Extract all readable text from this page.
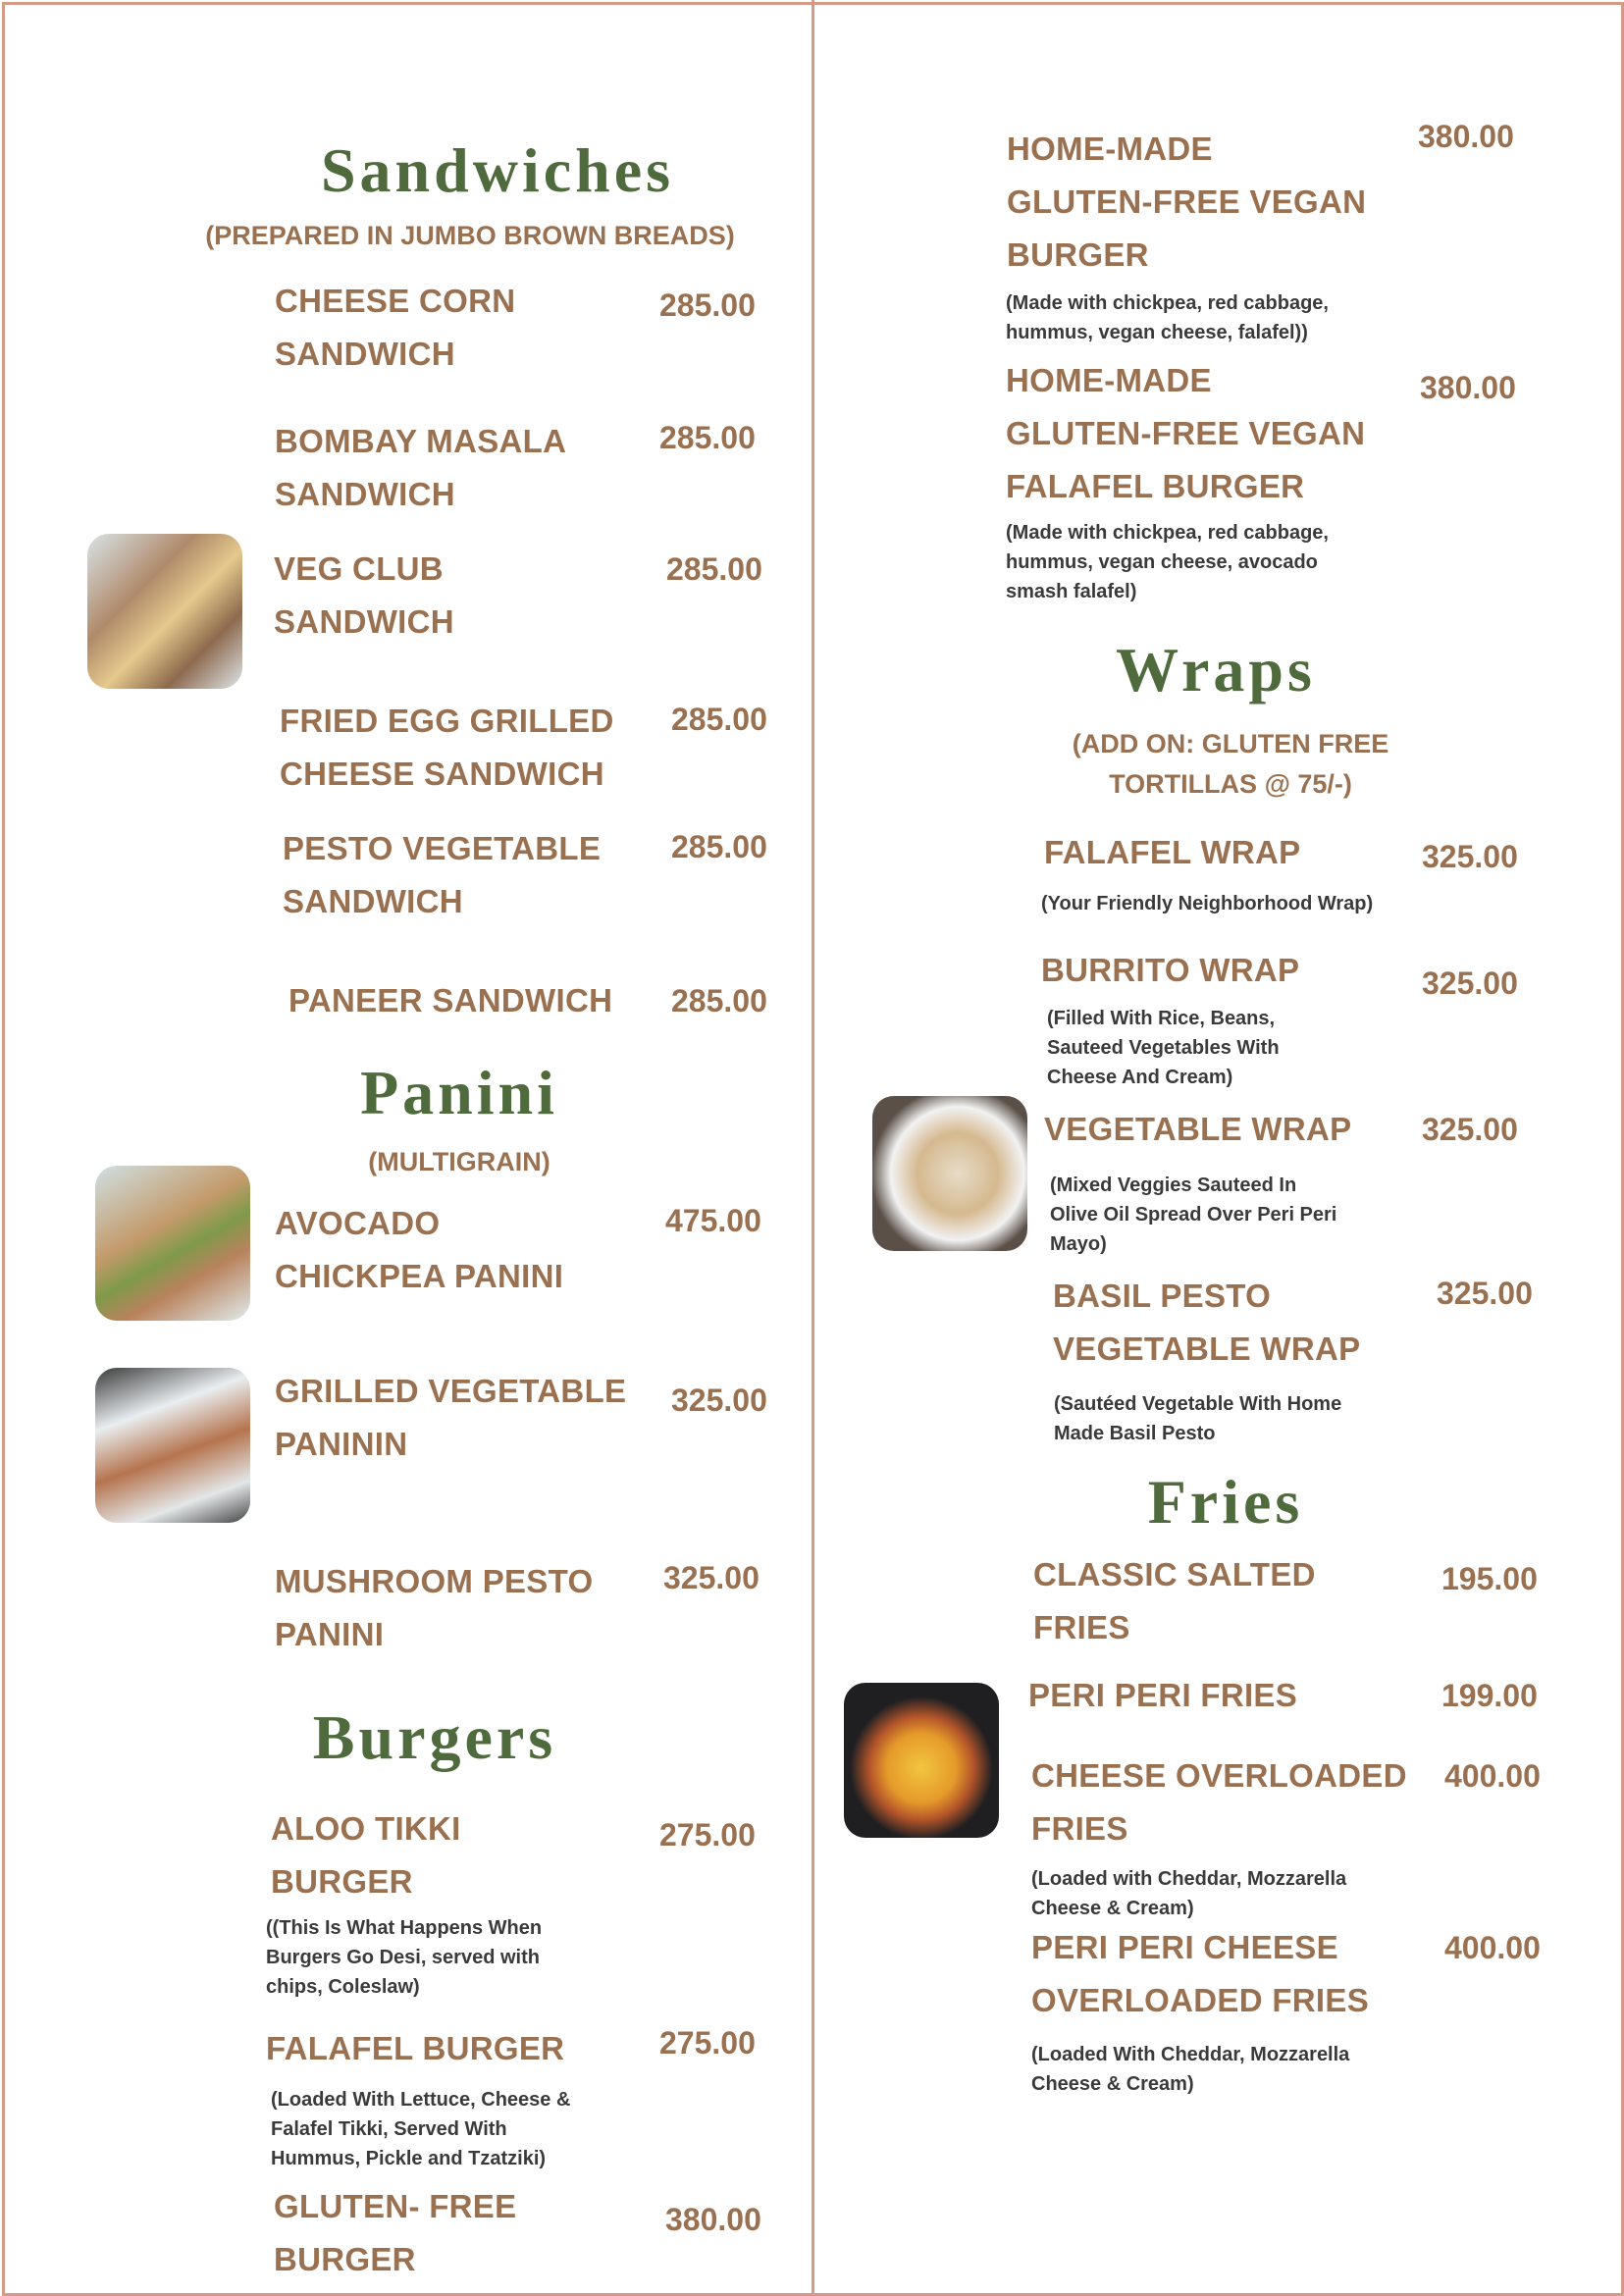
Sandwiches
(PREPARED IN JUMBO BROWN BREADS)
CHEESE CORN
SANDWICH
285.00
BOMBAY MASALA
SANDWICH
285.00
VEG CLUB
SANDWICH
285.00
FRIED EGG GRILLED
CHEESE SANDWICH
285.00
PESTO VEGETABLE
SANDWICH
285.00
PANEER SANDWICH 285.00
Panini
(MULTIGRAIN)
AVOCADO
CHICKPEA PANINI
475.00
GRILLED VEGETABLE
PANININ
325.00
MUSHROOM PESTO
PANINI
325.00
Burgers
ALOO TIKKI
BURGER
275.00
((This Is What Happens When
Burgers Go Desi, served with
chips, Coleslaw)
FALAFEL BURGER	275.00
(Loaded With Lettuce, Cheese &
Falafel Tikki, Served With
Hummus, Pickle and Tzatziki)
GLUTEN- FREE
BURGER
380.00
HOME-MADE
GLUTEN-FREE VEGAN
BURGER
380.00
(Made with chickpea, red cabbage,
hummus, vegan cheese, falafel))
HOME-MADE
GLUTEN-FREE VEGAN
FALAFEL BURGER
380.00
(Made with chickpea, red cabbage,
hummus, vegan cheese, avocado
smash falafel)
Wraps
(ADD ON: GLUTEN FREE
TORTILLAS @ 75/-)
FALAFEL WRAP	325.00
(Your Friendly Neighborhood Wrap)
BURRITO WRAP	325.00
(Filled With Rice, Beans,
Sauteed Vegetables With
Cheese And Cream)
VEGETABLE WRAP 325.00
(Mixed Veggies Sauteed In
Olive Oil Spread Over Peri Peri
Mayo)
BASIL PESTO
VEGETABLE WRAP
325.00
(Sautéed Vegetable With Home
Made Basil Pesto
Fries
CLASSIC SALTED
FRIES
195.00
PERI PERI FRIES	199.00
CHEESE OVERLOADED
FRIES
400.00
(Loaded with Cheddar, Mozzarella
Cheese & Cream)
PERI PERI CHEESE
OVERLOADED FRIES
400.00
(Loaded With Cheddar, Mozzarella
Cheese & Cream)
